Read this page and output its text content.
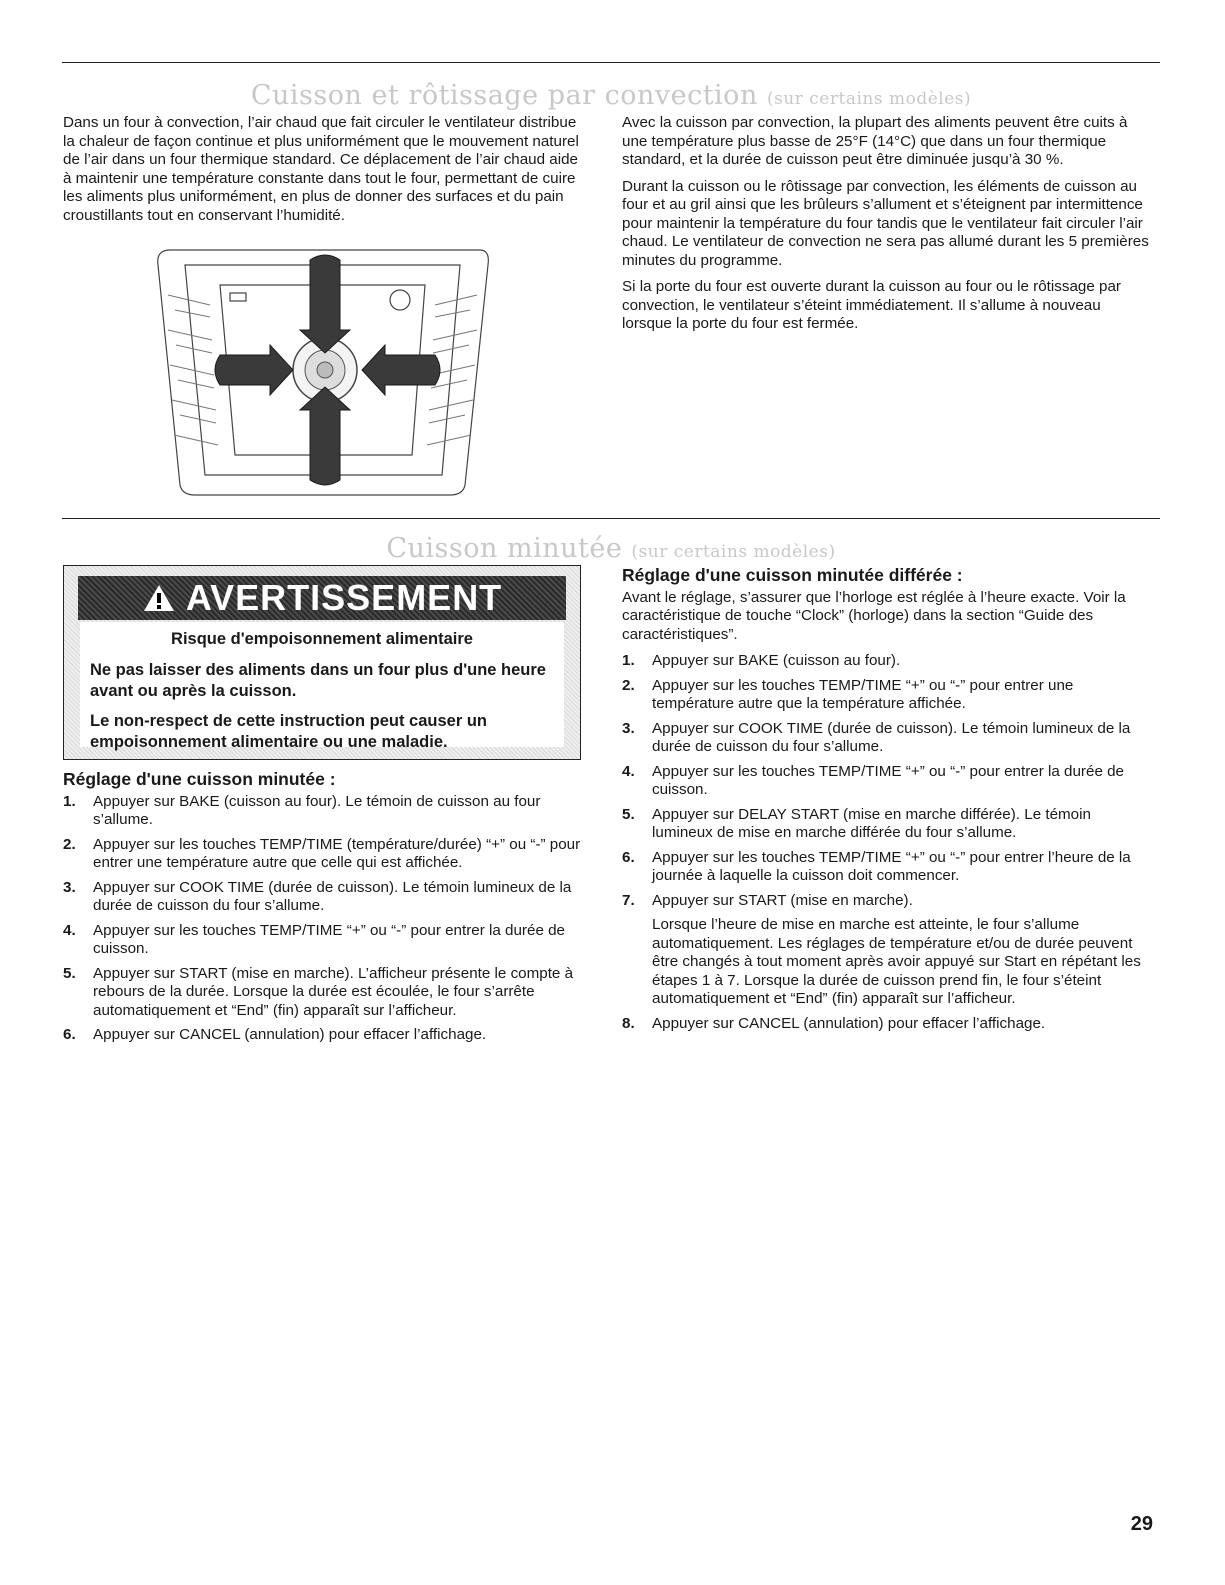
Cuisson et rôtissage par convection (sur certains modèles)

Dans un four à convection, l’air chaud que fait circuler le ventilateur distribue la chaleur de façon continue et plus uniformément que le mouvement naturel de l’air dans un four thermique standard. Ce déplacement de l’air chaud aide à maintenir une température constante dans tout le four, permettant de cuire les aliments plus uniformément, en plus de donner des surfaces et du pain croustillants tout en conservant l’humidité.

Avec la cuisson par convection, la plupart des aliments peuvent être cuits à une température plus basse de 25°F (14°C) que dans un four thermique standard, et la durée de cuisson peut être diminuée jusqu’à 30 %.

Durant la cuisson ou le rôtissage par convection, les éléments de cuisson au four et au gril ainsi que les brûleurs s’allument et s’éteignent par intermittence pour maintenir la température du four tandis que le ventilateur fait circuler l’air chaud. Le ventilateur de convection ne sera pas allumé durant les 5 premières minutes du programme.

Si la porte du four est ouverte durant la cuisson au four ou le rôtissage par convection, le ventilateur s’éteint immédiatement. Il s’allume à nouveau lorsque la porte du four est fermée.

Cuisson minutée (sur certains modèles)
AVERTISSEMENT
Risque d'empoisonnement alimentaire
Ne pas laisser des aliments dans un four plus d'une heure avant ou après la cuisson.
Le non-respect de cette instruction peut causer un empoisonnement alimentaire ou une maladie.
Réglage d'une cuisson minutée :
1. Appuyer sur BAKE (cuisson au four). Le témoin de cuisson au four s’allume.
2. Appuyer sur les touches TEMP/TIME (température/durée) “+” ou “-” pour entrer une température autre que celle qui est affichée.
3. Appuyer sur COOK TIME (durée de cuisson). Le témoin lumineux de la durée de cuisson du four s’allume.
4. Appuyer sur les touches TEMP/TIME “+” ou “-” pour entrer la durée de cuisson.
5. Appuyer sur START (mise en marche). L’afficheur présente le compte à rebours de la durée. Lorsque la durée est écoulée, le four s’arrête automatiquement et “End” (fin) apparaît sur l’afficheur.
6. Appuyer sur CANCEL (annulation) pour effacer l’affichage.
Réglage d'une cuisson minutée différée :

Avant le réglage, s’assurer que l’horloge est réglée à l’heure exacte. Voir la caractéristique de touche “Clock” (horloge) dans la section “Guide des caractéristiques”.

1. Appuyer sur BAKE (cuisson au four).
2. Appuyer sur les touches TEMP/TIME “+” ou “-” pour entrer une température autre que la température affichée.
3. Appuyer sur COOK TIME (durée de cuisson). Le témoin lumineux de la durée de cuisson du four s’allume.
4. Appuyer sur les touches TEMP/TIME “+” ou “-” pour entrer la durée de cuisson.
5. Appuyer sur DELAY START (mise en marche différée). Le témoin lumineux de mise en marche différée du four s’allume.
6. Appuyer sur les touches TEMP/TIME “+” ou “-” pour entrer l’heure de la journée à laquelle la cuisson doit commencer.
7. Appuyer sur START (mise en marche).
Lorsque l’heure de mise en marche est atteinte, le four s’allume automatiquement. Les réglages de température et/ou de durée peuvent être changés à tout moment après avoir appuyé sur Start en répétant les étapes 1 à 7. Lorsque la durée de cuisson prend fin, le four s’éteint automatiquement et “End” (fin) apparaît sur l’afficheur.
8. Appuyer sur CANCEL (annulation) pour effacer l’affichage.
29
